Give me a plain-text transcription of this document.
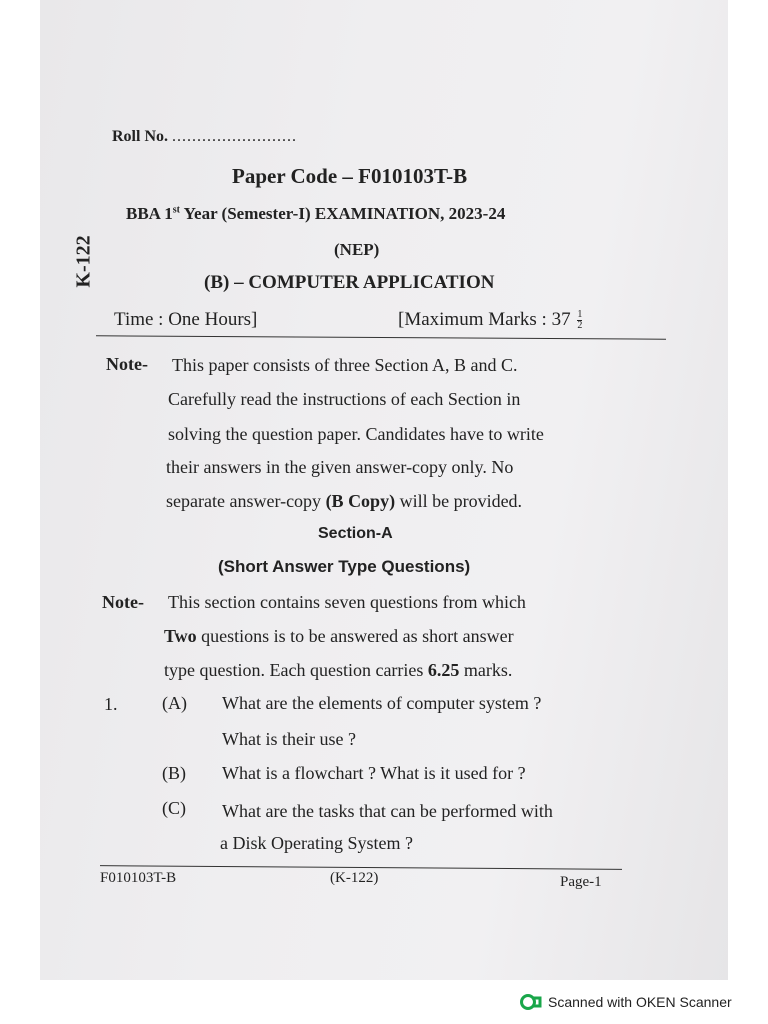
Roll No. .........................
Paper Code – F010103T-B
BBA 1st Year (Semester-I) EXAMINATION, 2023-24
(NEP)
(B) – COMPUTER APPLICATION
K-122
Time : One Hours]	[Maximum Marks : $37 \frac{1}{2}$
Note- This paper consists of three Section A, B and C.
Carefully read the instructions of each Section in
solving the question paper. Candidates have to write
their answers in the given answer-copy only. No
separate answer-copy (B Copy) will be provided.
Section-A
(Short Answer Type Questions)
Note- This section contains seven questions from which
Two questions is to be answered as short answer
type question. Each question carries 6.25 marks.
1. (A) What are the elements of computer system ?
What is their use ?
(B) What is a flowchart ? What is it used for ?
(C) What are the tasks that can be performed with
a Disk Operating System ?
F010103T-B	(K-122)	Page-1
Scanned with OKEN Scanner
